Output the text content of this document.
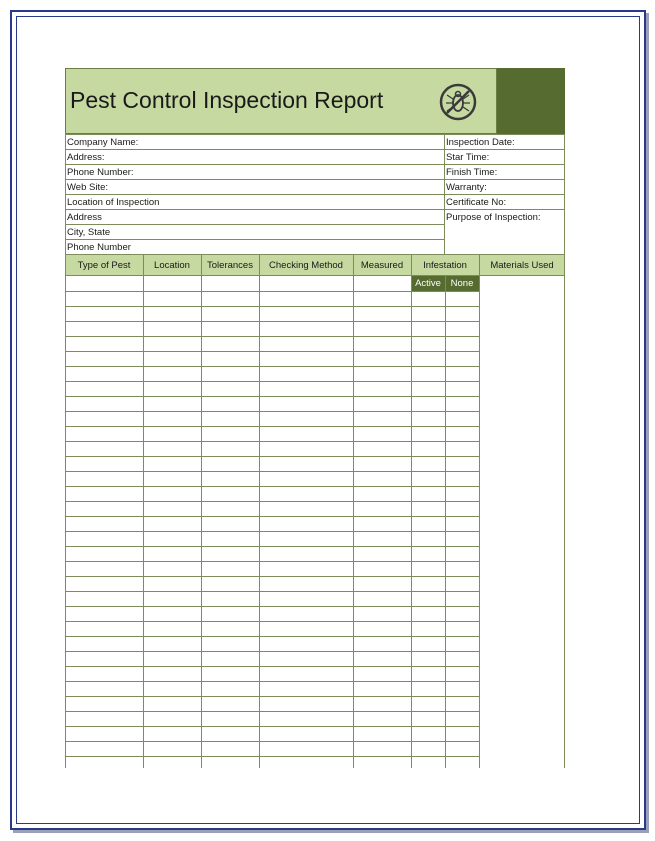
Pest Control Inspection Report
Company Name:
Address:
Phone Number:
Web Site:
Location of Inspection
Address
City, State
Phone Number
Inspection Date:
Star Time:
Finish Time:
Warranty:
Certificate No:
Purpose of Inspection:
Type of Pest	Location	Tolerances	Checking Method	Measured	Infestation	Materials Used
Active	None
